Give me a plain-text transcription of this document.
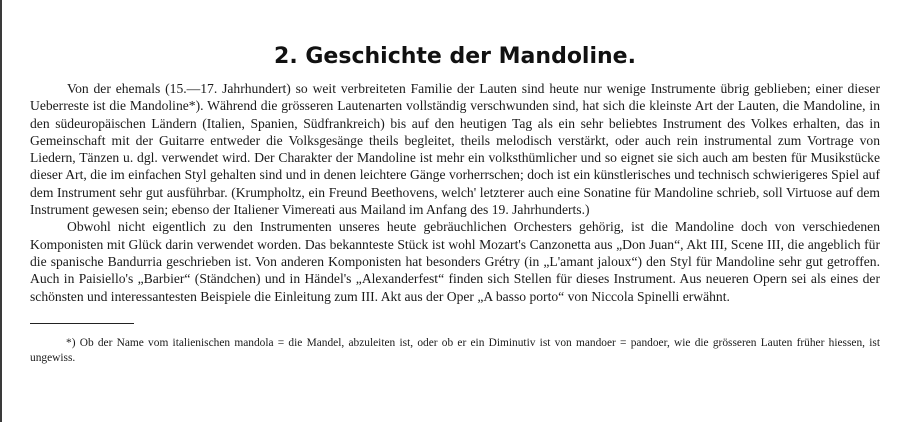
2. Geschichte der Mandoline.

Von der ehemals (15.—17. Jahrhundert) so weit verbreiteten Familie der Lauten sind heute nur wenige Instrumente übrig geblieben; einer dieser Ueberreste ist die Mandoline*). Während die grösseren Lautenarten vollständig verschwunden sind, hat sich die kleinste Art der Lauten, die Mandoline, in den südeuropäischen Ländern (Italien, Spanien, Südfrankreich) bis auf den heutigen Tag als ein sehr beliebtes Instrument des Volkes erhalten, das in Gemeinschaft mit der Guitarre entweder die Volksgesänge theils begleitet, theils melodisch verstärkt, oder auch rein instrumental zum Vortrage von Liedern, Tänzen u. dgl. verwendet wird. Der Charakter der Mandoline ist mehr ein volksthümlicher und so eignet sie sich auch am besten für Musikstücke dieser Art, die im einfachen Styl gehalten sind und in denen leichtere Gänge vorherrschen; doch ist ein künstlerisches und technisch schwierigeres Spiel auf dem Instrument sehr gut ausführbar. (Krumpholtz, ein Freund Beethovens, welch' letzterer auch eine Sonatine für Mandoline schrieb, soll Virtuose auf dem Instrument gewesen sein; ebenso der Italiener Vimereati aus Mailand im Anfang des 19. Jahrhunderts.)

Obwohl nicht eigentlich zu den Instrumenten unseres heute gebräuchlichen Orchesters gehörig, ist die Mandoline doch von verschiedenen Komponisten mit Glück darin verwendet worden. Das bekannteste Stück ist wohl Mozart's Canzonetta aus „Don Juan“, Akt III, Scene III, die angeblich für die spanische Bandurria geschrieben ist. Von anderen Komponisten hat besonders Grétry (in „L'amant jaloux“) den Styl für Mandoline sehr gut getroffen. Auch in Paisiello's „Barbier“ (Ständchen) und in Händel's „Alexanderfest“ finden sich Stellen für dieses Instrument. Aus neueren Opern sei als eines der schönsten und interessantesten Beispiele die Einleitung zum III. Akt aus der Oper „A basso porto“ von Niccola Spinelli erwähnt.

*) Ob der Name vom italienischen mandola = die Mandel, abzuleiten ist, oder ob er ein Diminutiv ist von mandoer = pandoer, wie die grösseren Lauten früher hiessen, ist ungewiss.
